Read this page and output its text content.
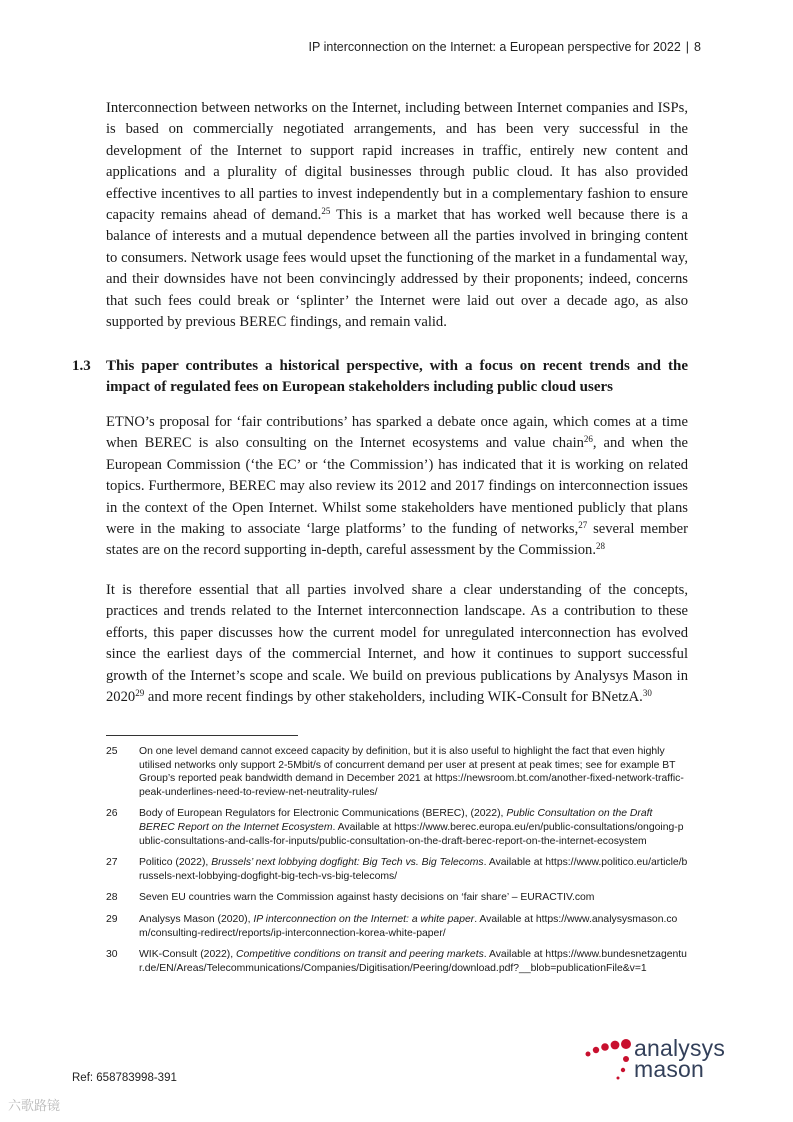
IP interconnection on the Internet: a European perspective for 2022 | 8

Interconnection between networks on the Internet, including between Internet companies and ISPs, is based on commercially negotiated arrangements, and has been very successful in the development of the Internet to support rapid increases in traffic, entirely new content and applications and a plurality of digital businesses through public cloud. It has also provided effective incentives to all parties to invest independently but in a complementary fashion to ensure capacity remains ahead of demand.$^{25}$ This is a market that has worked well because there is a balance of interests and a mutual dependence between all the parties involved in bringing content to consumers. Network usage fees would upset the functioning of the market in a fundamental way, and their downsides have not been convincingly addressed by their proponents; indeed, concerns that such fees could break or ‘splinter’ the Internet were laid out over a decade ago, as also supported by previous BEREC findings, and remain valid.

1.3 This paper contributes a historical perspective, with a focus on recent trends and the impact of regulated fees on European stakeholders including public cloud users

ETNO’s proposal for ‘fair contributions’ has sparked a debate once again, which comes at a time when BEREC is also consulting on the Internet ecosystems and value chain$^{26}$, and when the European Commission (‘the EC’ or ‘the Commission’) has indicated that it is working on related topics. Furthermore, BEREC may also review its 2012 and 2017 findings on interconnection issues in the context of the Open Internet. Whilst some stakeholders have mentioned publicly that plans were in the making to associate ‘large platforms’ to the funding of networks,$^{27}$ several member states are on the record supporting in-depth, careful assessment by the Commission.$^{28}$

It is therefore essential that all parties involved share a clear understanding of the concepts, practices and trends related to the Internet interconnection landscape. As a contribution to these efforts, this paper discusses how the current model for unregulated interconnection has evolved since the earliest days of the commercial Internet, and how it continues to support successful growth of the Internet’s scope and scale. We build on previous publications by Analysys Mason in 2020$^{29}$ and more recent findings by other stakeholders, including WIK-Consult for BNetzA.$^{30}$

25	On one level demand cannot exceed capacity by definition, but it is also useful to highlight the fact that even highly utilised networks only support 2-5Mbit/s of concurrent demand per user at present at peak times; see for example BT Group’s reported peak bandwidth demand in December 2021 at https://newsroom.bt.com/another-fixed-network-traffic-peak-underlines-need-to-review-net-neutrality-rules/
26	Body of European Regulators for Electronic Communications (BEREC), (2022), Public Consultation on the Draft BEREC Report on the Internet Ecosystem. Available at https://www.berec.europa.eu/en/public-consultations/ongoing-public-consultations-and-calls-for-inputs/public-consultation-on-the-draft-berec-report-on-the-internet-ecosystem
27	Politico (2022), Brussels’ next lobbying dogfight: Big Tech vs. Big Telecoms. Available at https://www.politico.eu/article/brussels-next-lobbying-dogfight-big-tech-vs-big-telecoms/
28	Seven EU countries warn the Commission against hasty decisions on ‘fair share’ – EURACTIV.com
29	Analysys Mason (2020), IP interconnection on the Internet: a white paper. Available at https://www.analysysmason.com/consulting-redirect/reports/ip-interconnection-korea-white-paper/
30	WIK-Consult (2022), Competitive conditions on transit and peering markets. Available at https://www.bundesnetzagentur.de/EN/Areas/Telecommunications/Companies/Digitisation/Peering/download.pdf?__blob=publicationFile&v=1
Ref: 658783998-391
analysys
mason
六歌路镜
